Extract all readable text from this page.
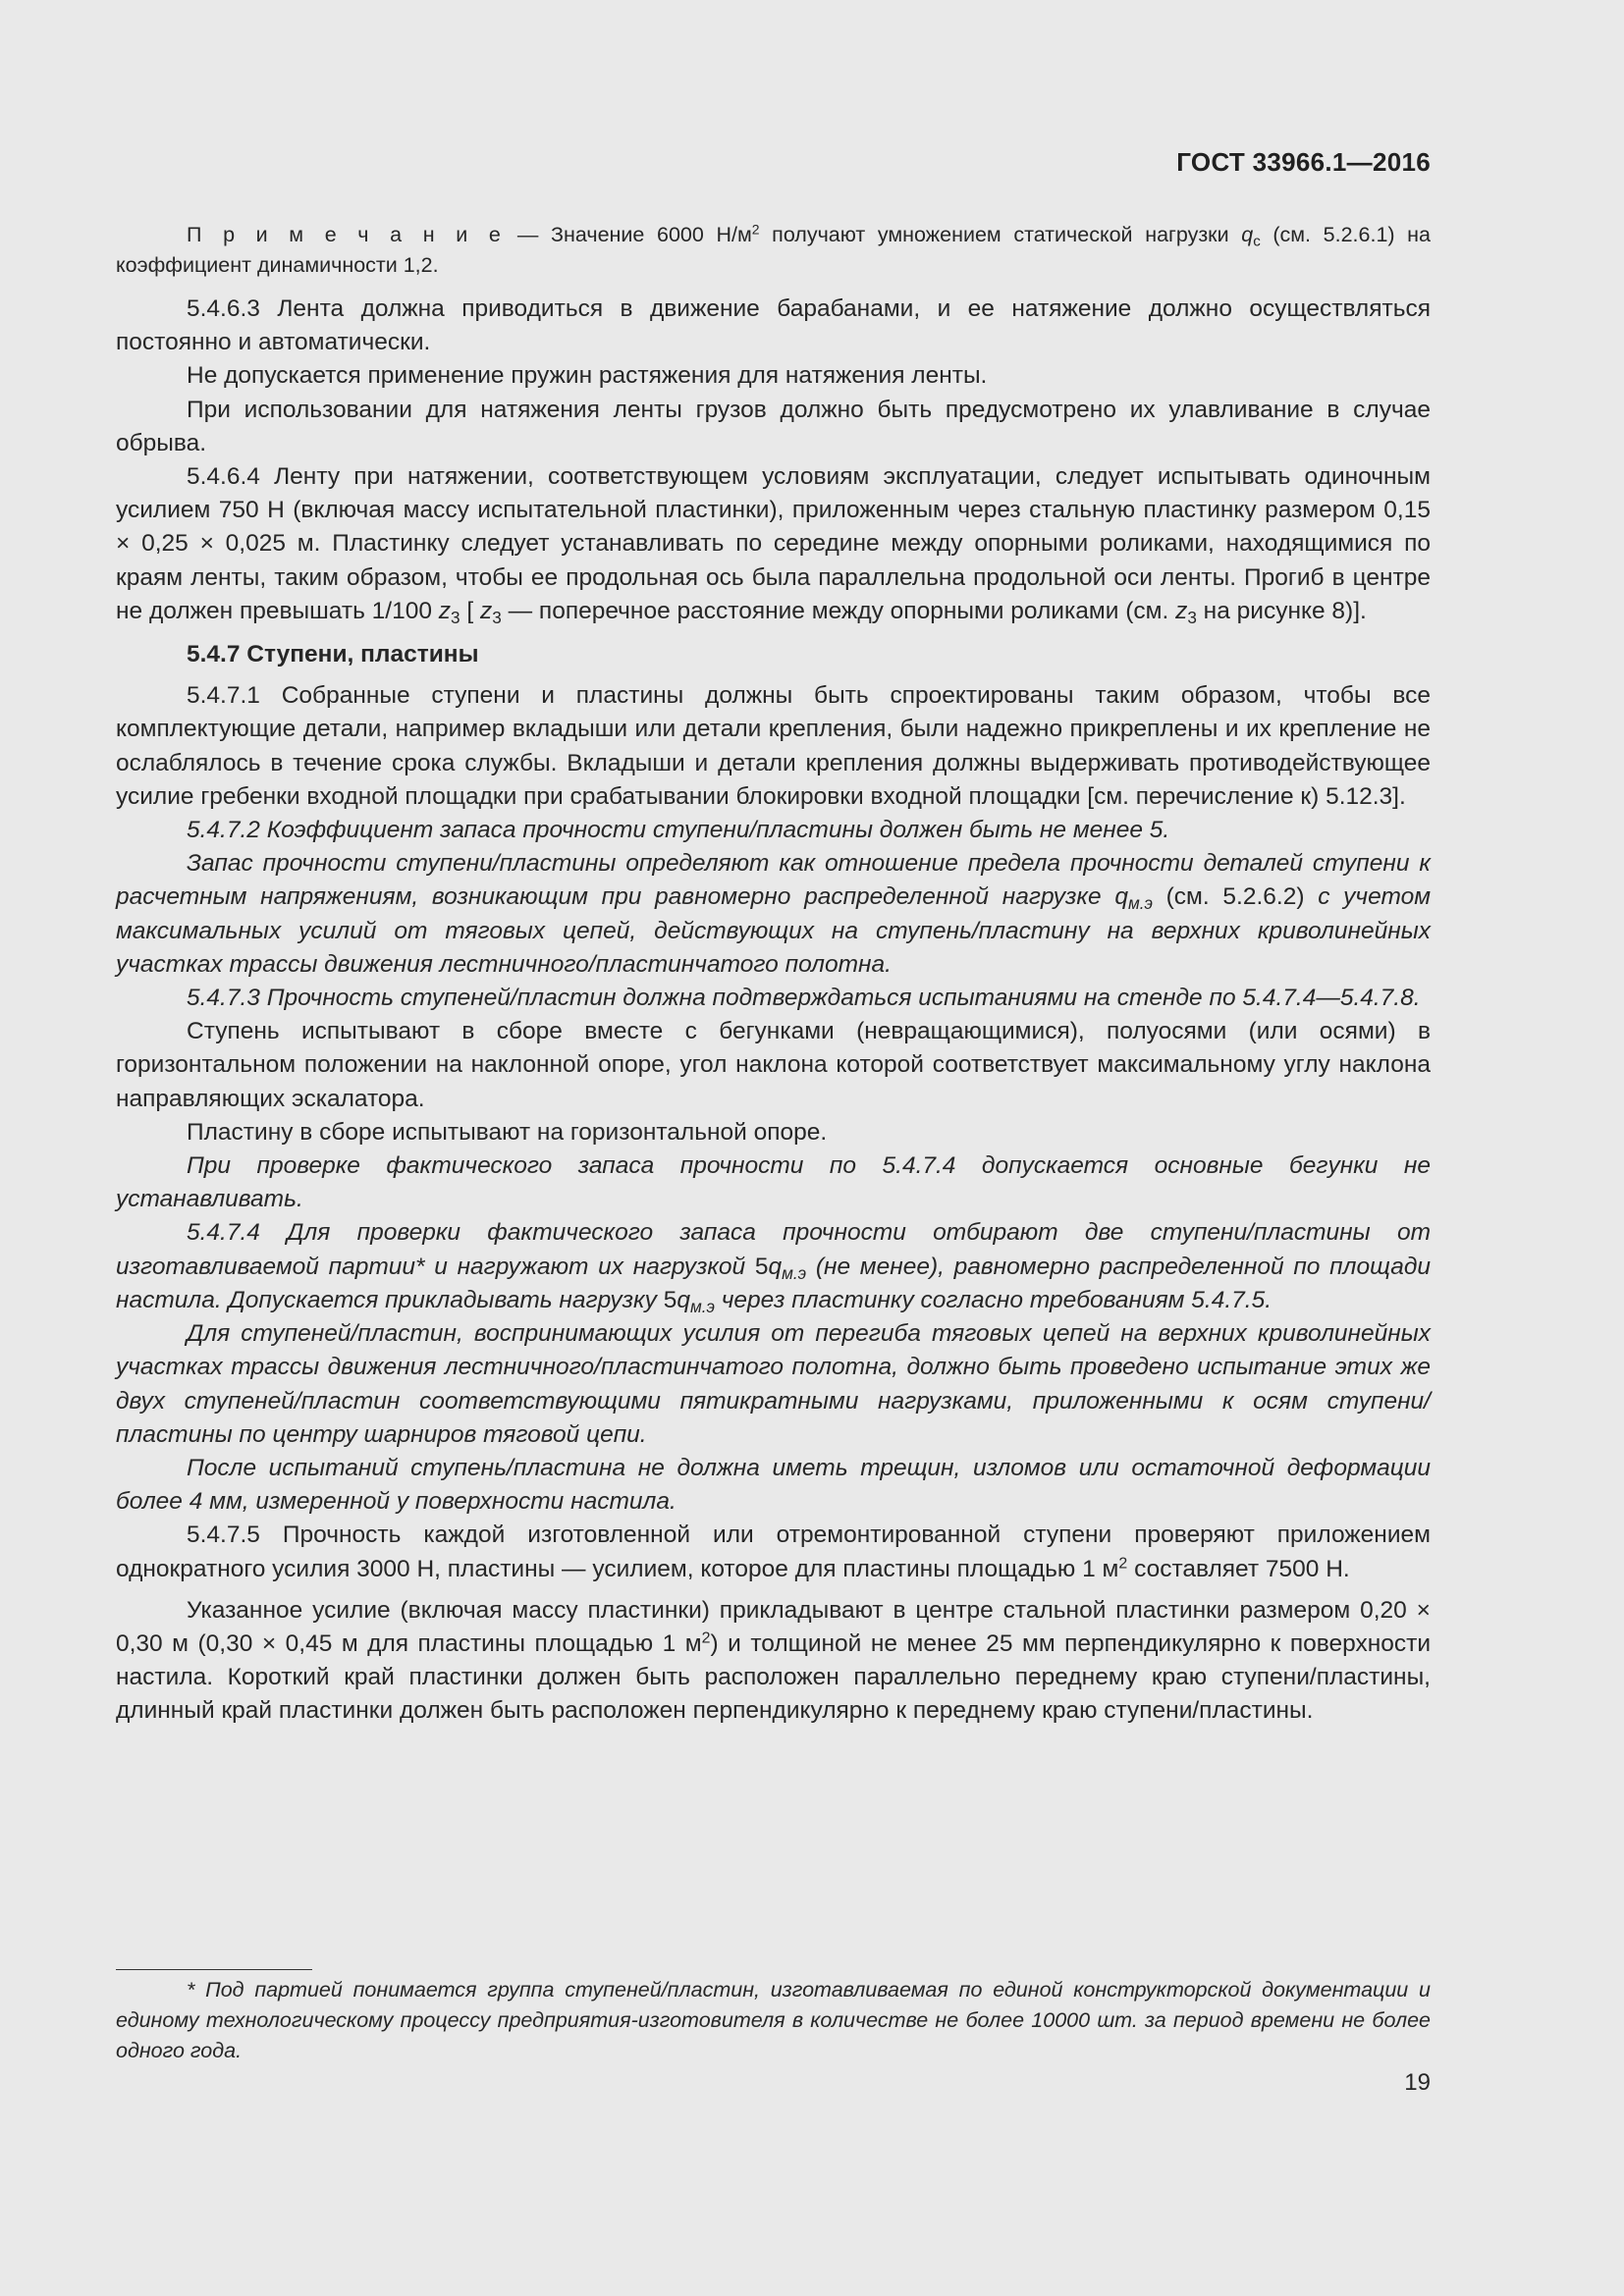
ГОСТ 33966.1—2016

П р и м е ч а н и е — Значение 6000 $Н/м^2$ получают умножением статической нагрузки $q_с$ (см. 5.2.6.1) на коэффициент динамичности 1,2.

5.4.6.3 Лента должна приводиться в движение барабанами, и ее натяжение должно осуществляться постоянно и автоматически.

Не допускается применение пружин растяжения для натяжения ленты.

При использовании для натяжения ленты грузов должно быть предусмотрено их улавливание в случае обрыва.

5.4.6.4 Ленту при натяжении, соответствующем условиям эксплуатации, следует испытывать одиночным усилием 750 Н (включая массу испытательной пластинки), приложенным через стальную пластинку размером 0,15 × 0,25 × 0,025 м. Пластинку следует устанавливать по середине между опорными роликами, находящимися по краям ленты, таким образом, чтобы ее продольная ось была параллельна продольной оси ленты. Прогиб в центре не должен превышать 1/100 $z_3$ [ $z_3$ — поперечное расстояние между опорными роликами (см. $z_3$ на рисунке 8)].

5.4.7 Ступени, пластины

5.4.7.1 Собранные ступени и пластины должны быть спроектированы таким образом, чтобы все комплектующие детали, например вкладыши или детали крепления, были надежно прикреплены и их крепление не ослаблялось в течение срока службы. Вкладыши и детали крепления должны выдерживать противодействующее усилие гребенки входной площадки при срабатывании блокировки входной площадки [см. перечисление к) 5.12.3].

5.4.7.2 Коэффициент запаса прочности ступени/пластины должен быть не менее 5.

Запас прочности ступени/пластины определяют как отношение предела прочности деталей ступени к расчетным напряжениям, возникающим при равномерно распределенной нагрузке $q_{м.э}$ (см. 5.2.6.2) с учетом максимальных усилий от тяговых цепей, действующих на ступень/пластину на верхних криволинейных участках трассы движения лестничного/пластинчатого полотна.

5.4.7.3 Прочность ступеней/пластин должна подтверждаться испытаниями на стенде по 5.4.7.4—5.4.7.8.

Ступень испытывают в сборе вместе с бегунками (невращающимися), полуосями (или осями) в горизонтальном положении на наклонной опоре, угол наклона которой соответствует максимальному углу наклона направляющих эскалатора.

Пластину в сборе испытывают на горизонтальной опоре.

При проверке фактического запаса прочности по 5.4.7.4 допускается основные бегунки не устанавливать.

5.4.7.4 Для проверки фактического запаса прочности отбирают две ступени/пластины от изготавливаемой партии* и нагружают их нагрузкой $5q_{м.э}$ (не менее), равномерно распределенной по площади настила. Допускается прикладывать нагрузку $5q_{м.э}$ через пластинку согласно требованиям 5.4.7.5.

Для ступеней/пластин, воспринимающих усилия от перегиба тяговых цепей на верхних криволинейных участках трассы движения лестничного/пластинчатого полотна, должно быть проведено испытание этих же двух ступеней/пластин соответствующими пятикратными нагрузками, приложенными к осям ступени/пластины по центру шарниров тяговой цепи.

После испытаний ступень/пластина не должна иметь трещин, изломов или остаточной деформации более 4 мм, измеренной у поверхности настила.

5.4.7.5 Прочность каждой изготовленной или отремонтированной ступени проверяют приложением однократного усилия 3000 Н, пластины — усилием, которое для пластины площадью 1 $м^2$ составляет 7500 Н.

Указанное усилие (включая массу пластинки) прикладывают в центре стальной пластинки размером 0,20 × 0,30 м (0,30 × 0,45 м для пластины площадью 1 $м^2$) и толщиной не менее 25 мм перпендикулярно к поверхности настила. Короткий край пластинки должен быть расположен параллельно переднему краю ступени/пластины, длинный край пластинки должен быть расположен перпендикулярно к переднему краю ступени/пластины.

* Под партией понимается группа ступеней/пластин, изготавливаемая по единой конструкторской документации и единому технологическому процессу предприятия-изготовителя в количестве не более 10000 шт. за период времени не более одного года.

19
